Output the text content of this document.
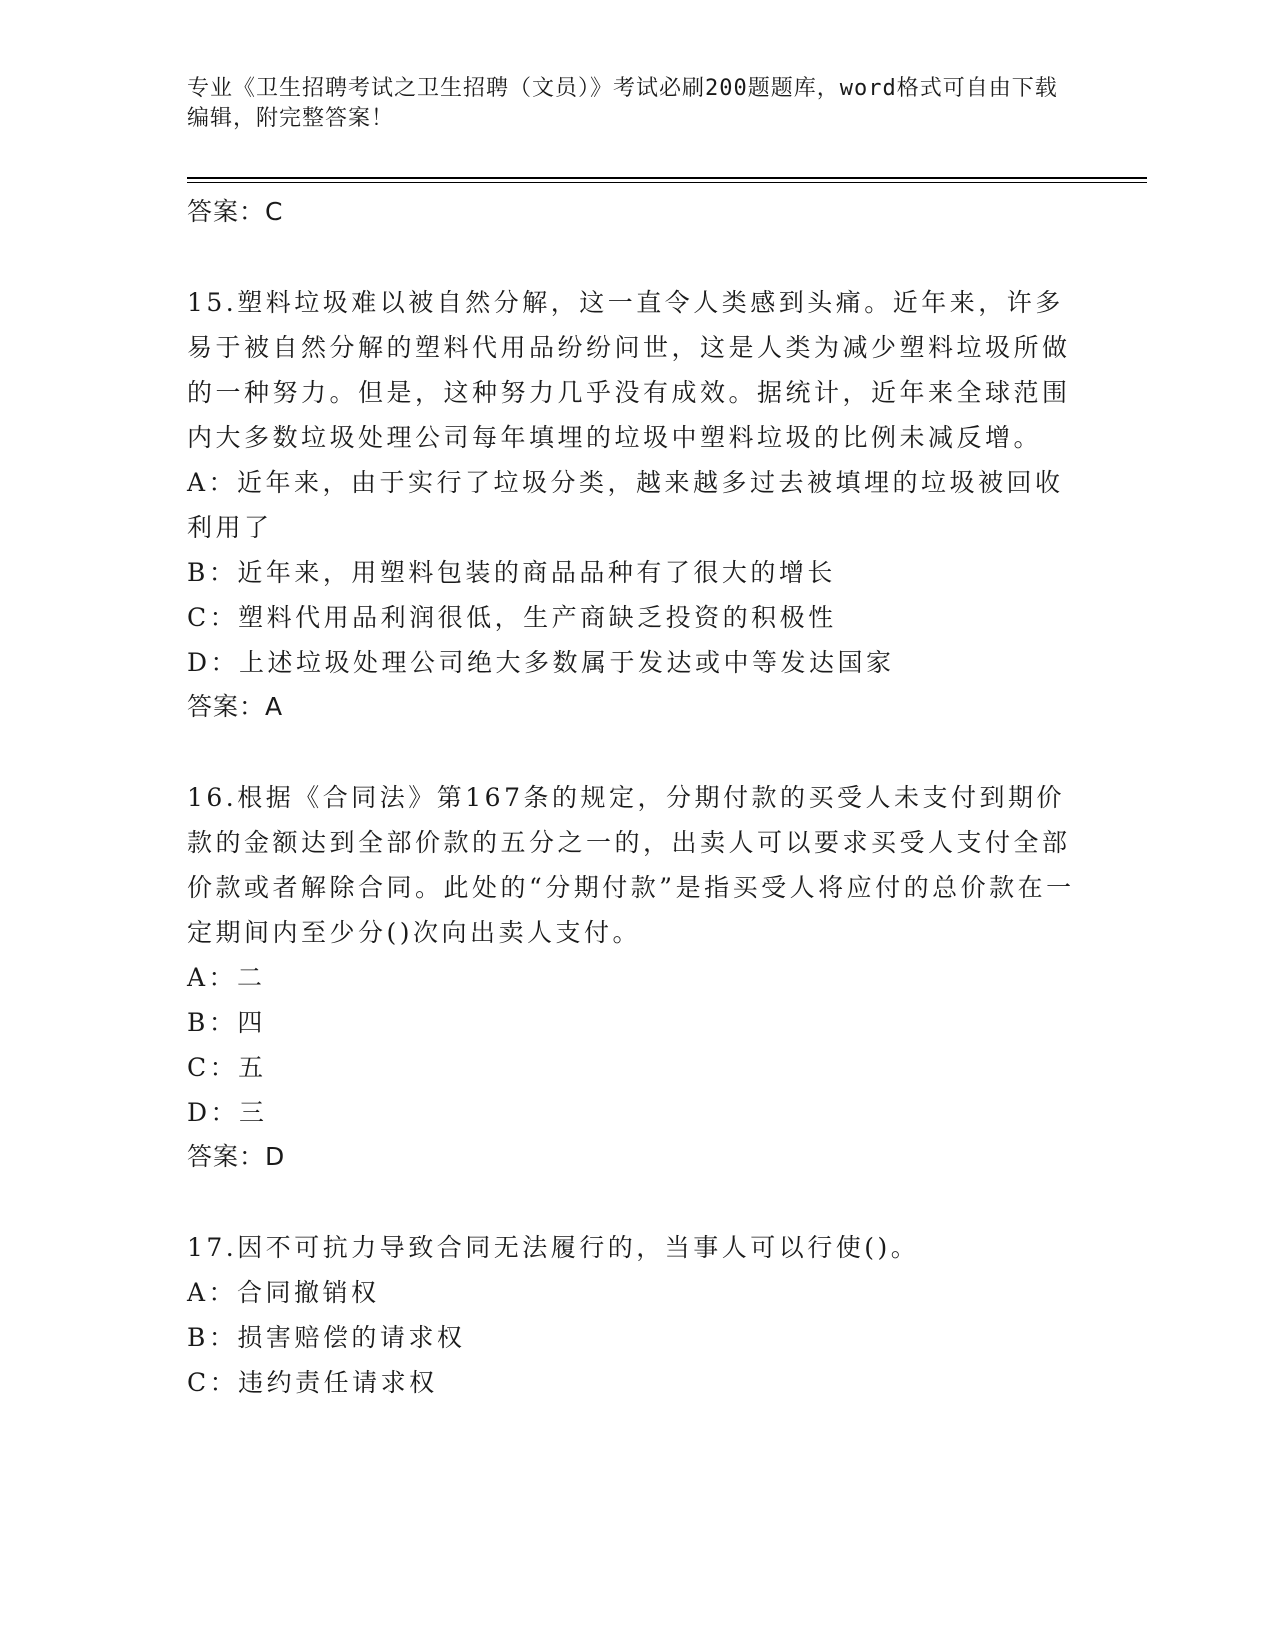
专业《卫生招聘考试之卫生招聘（文员）》考试必刷200题题库，word格式可自由下载编辑，附完整答案！
答案：C
15.塑料垃圾难以被自然分解，这一直令人类感到头痛。近年来，许多易于被自然分解的塑料代用品纷纷问世，这是人类为减少塑料垃圾所做的一种努力。但是，这种努力几乎没有成效。据统计，近年来全球范围内大多数垃圾处理公司每年填埋的垃圾中塑料垃圾的比例未减反增。
A：近年来，由于实行了垃圾分类，越来越多过去被填埋的垃圾被回收利用了
B：近年来，用塑料包装的商品品种有了很大的增长
C：塑料代用品利润很低，生产商缺乏投资的积极性
D：上述垃圾处理公司绝大多数属于发达或中等发达国家
答案：A
16.根据《合同法》第167条的规定，分期付款的买受人未支付到期价款的金额达到全部价款的五分之一的，出卖人可以要求买受人支付全部价款或者解除合同。此处的“分期付款”是指买受人将应付的总价款在一定期间内至少分()次向出卖人支付。
A：二
B：四
C：五
D：三
答案：D
17.因不可抗力导致合同无法履行的，当事人可以行使()。
A：合同撤销权
B：损害赔偿的请求权
C：违约责任请求权
